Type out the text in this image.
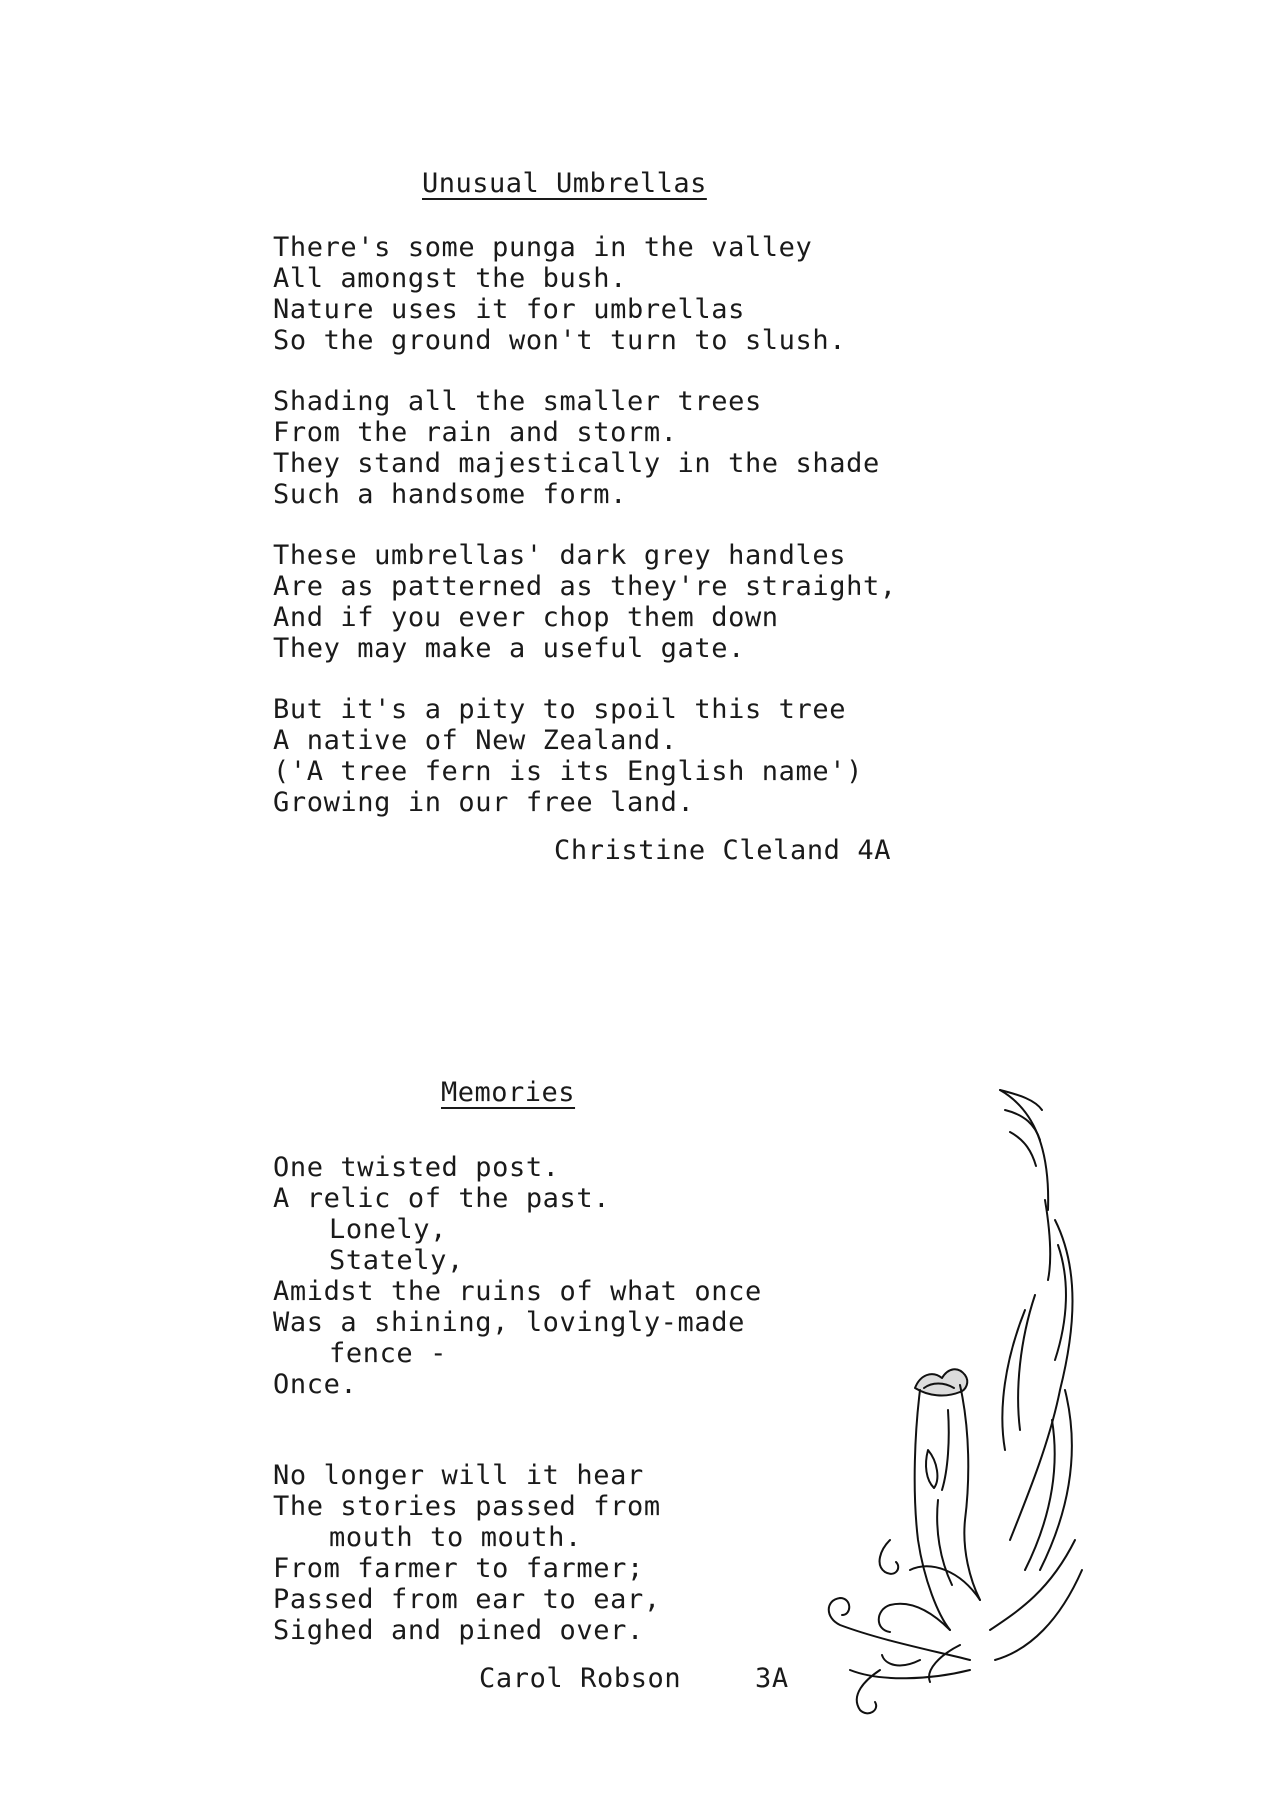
Unusual Umbrellas
There's some punga in the valley
All amongst the bush.
Nature uses it for umbrellas
So the ground won't turn to slush.
Shading all the smaller trees
From the rain and storm.
They stand majestically in the shade
Such a handsome form.
These umbrellas' dark grey handles
Are as patterned as they're straight,
And if you ever chop them down
They may make a useful gate.
But it's a pity to spoil this tree
A native of New Zealand.
('A tree fern is its English name')
Growing in our free land.
Christine Cleland 4A
Memories
One twisted post.
A relic of the past.
Lonely,
Stately,
Amidst the ruins of what once
Was a shining, lovingly-made
fence -
Once.
No longer will it hear
The stories passed from
mouth to mouth.
From farmer to farmer;
Passed from ear to ear,
Sighed and pined over.
Carol Robson	3A
